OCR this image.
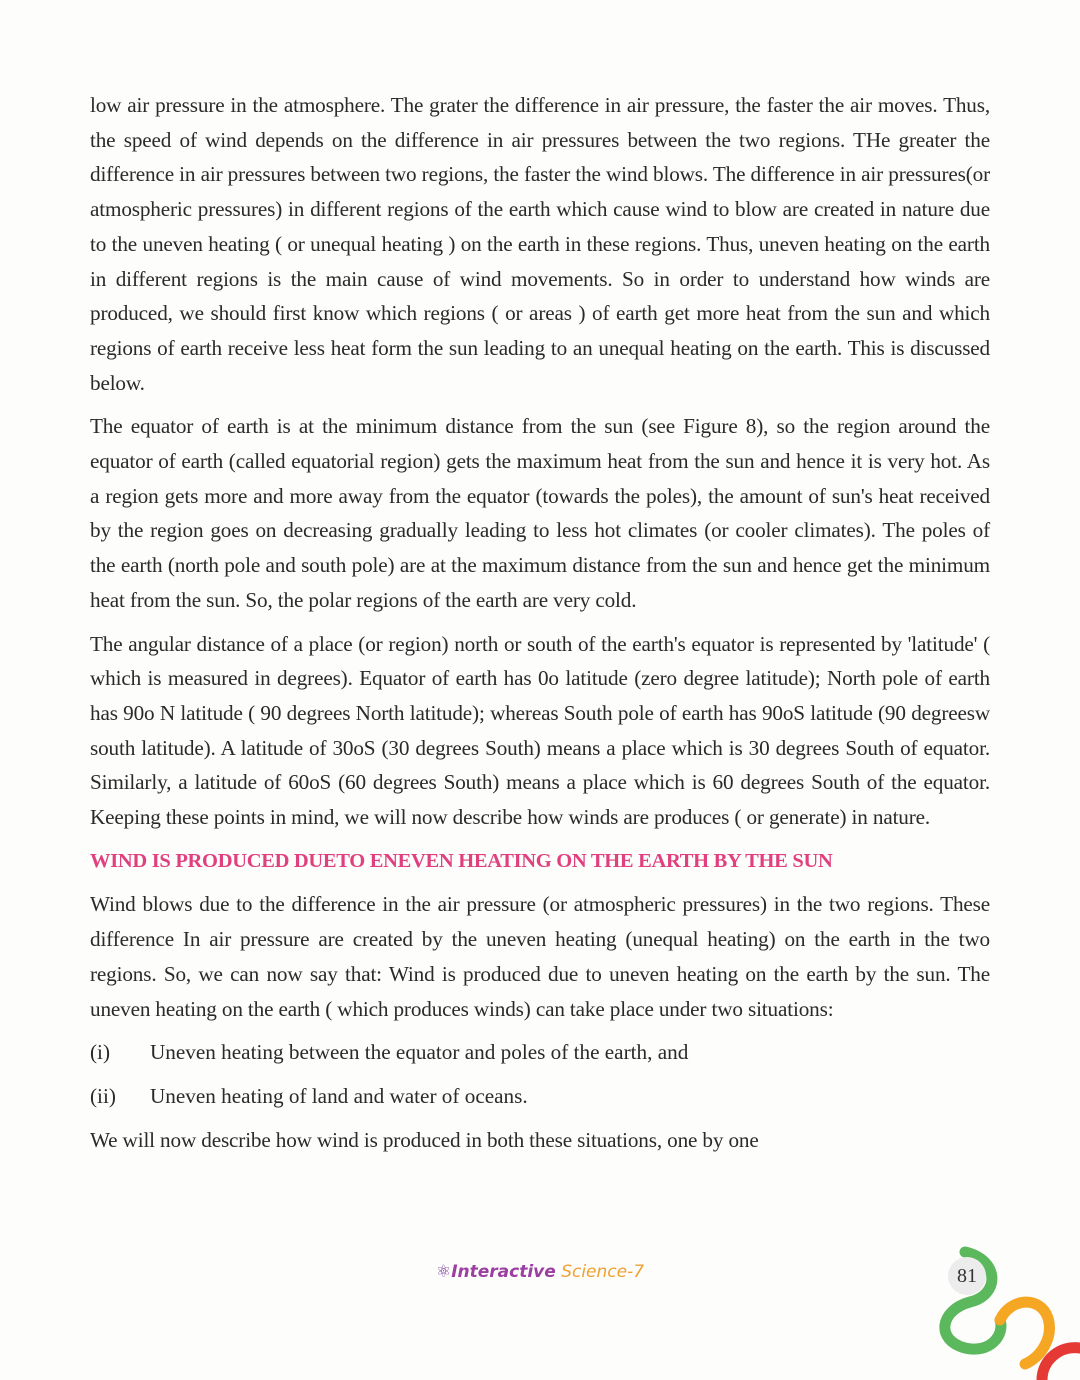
low air pressure in the atmosphere. The grater the difference in air pressure, the faster the air moves. Thus, the speed of wind depends on the difference in air pressures between the two regions. THe greater the difference in air pressures between two regions, the faster the wind blows. The difference in air pressures(or atmospheric pressures) in different regions of the earth which cause wind to blow are created in nature due to the uneven heating ( or unequal heating ) on the earth in these regions. Thus, uneven heating on the earth in different regions is the main cause of wind movements. So in order to understand how winds are produced, we should first know which regions ( or areas ) of earth get more heat from the sun and which regions of earth receive less heat form the sun leading to an unequal heating on the earth. This is discussed below.

The equator of earth is at the minimum distance from the sun (see Figure 8), so the region around the equator of earth (called equatorial region) gets the maximum heat from the sun and hence it is very hot. As a region gets more and more away from the equator (towards the poles), the amount of sun's heat received by the region goes on decreasing gradually leading to less hot climates (or cooler climates). The poles of the earth (north pole and south pole) are at the maximum distance from the sun and hence get the minimum heat from the sun. So, the polar regions of the earth are very cold.

The angular distance of a place (or region) north or south of the earth's equator is represented by 'latitude' ( which is measured in degrees). Equator of earth has 0o latitude (zero degree latitude); North pole of earth has 90o N latitude ( 90 degrees North latitude); whereas South pole of earth has 90oS latitude (90 degreesw south latitude). A latitude of 30oS (30 degrees South) means a place which is 30 degrees South of equator. Similarly, a latitude of 60oS (60 degrees South) means a place which is 60 degrees South of the equator. Keeping these points in mind, we will now describe how winds are produces ( or generate) in nature.

WIND IS PRODUCED DUETO ENEVEN HEATING ON THE EARTH BY THE SUN

Wind blows due to the difference in the air pressure (or atmospheric pressures) in the two regions. These difference In air pressure are created by the uneven heating (unequal heating) on the earth in the two regions. So, we can now say that: Wind is produced due to uneven heating on the earth by the sun. The uneven heating on the earth ( which produces winds) can take place under two situations:

(i)	Uneven heating between the equator and poles of the earth, and
(ii)	Uneven heating of land and water of oceans.

We will now describe how wind is produced in both these situations, one by one

⚛Interactive Science-7	81
